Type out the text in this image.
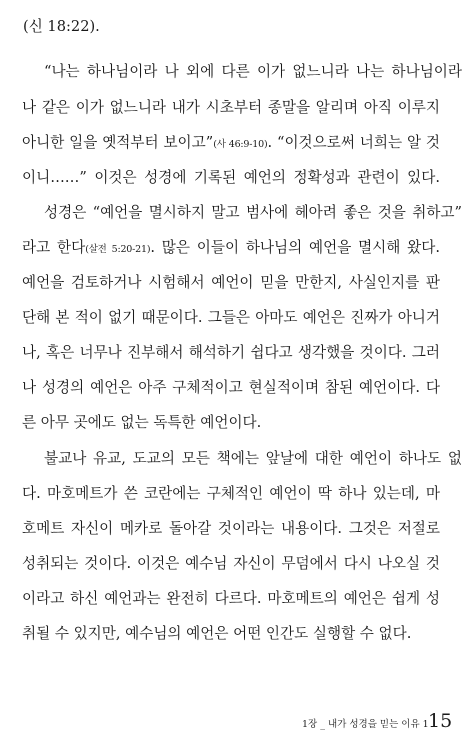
(신 18:22).
“나는 하나님이라 나 외에 다른 이가 없느니라 나는 하나님이라
나 같은 이가 없느니라 내가 시초부터 종말을 알리며 아직 이루지
아니한 일을 옛적부터 보이고”(사 46:9-10). “이것으로써 너희는 알 것
이니……” 이것은 성경에 기록된 예언의 정확성과 관련이 있다.
성경은 “예언을 멸시하지 말고 범사에 헤아려 좋은 것을 취하고”
라고 한다(살전 5:20-21). 많은 이들이 하나님의 예언을 멸시해 왔다.
예언을 검토하거나 시험해서 예언이 믿을 만한지, 사실인지를 판
단해 본 적이 없기 때문이다. 그들은 아마도 예언은 진짜가 아니거
나, 혹은 너무나 진부해서 해석하기 쉽다고 생각했을 것이다. 그러
나 성경의 예언은 아주 구체적이고 현실적이며 참된 예언이다. 다
른 아무 곳에도 없는 독특한 예언이다.
불교나 유교, 도교의 모든 책에는 앞날에 대한 예언이 하나도 없
다. 마호메트가 쓴 코란에는 구체적인 예언이 딱 하나 있는데, 마
호메트 자신이 메카로 돌아갈 것이라는 내용이다. 그것은 저절로
성취되는 것이다. 이것은 예수님 자신이 무덤에서 다시 나오실 것
이라고 하신 예언과는 완전히 다르다. 마호메트의 예언은 쉽게 성
취될 수 있지만, 예수님의 예언은 어떤 인간도 실행할 수 없다.
1장 _ 내가 성경을 믿는 이유 1 15
